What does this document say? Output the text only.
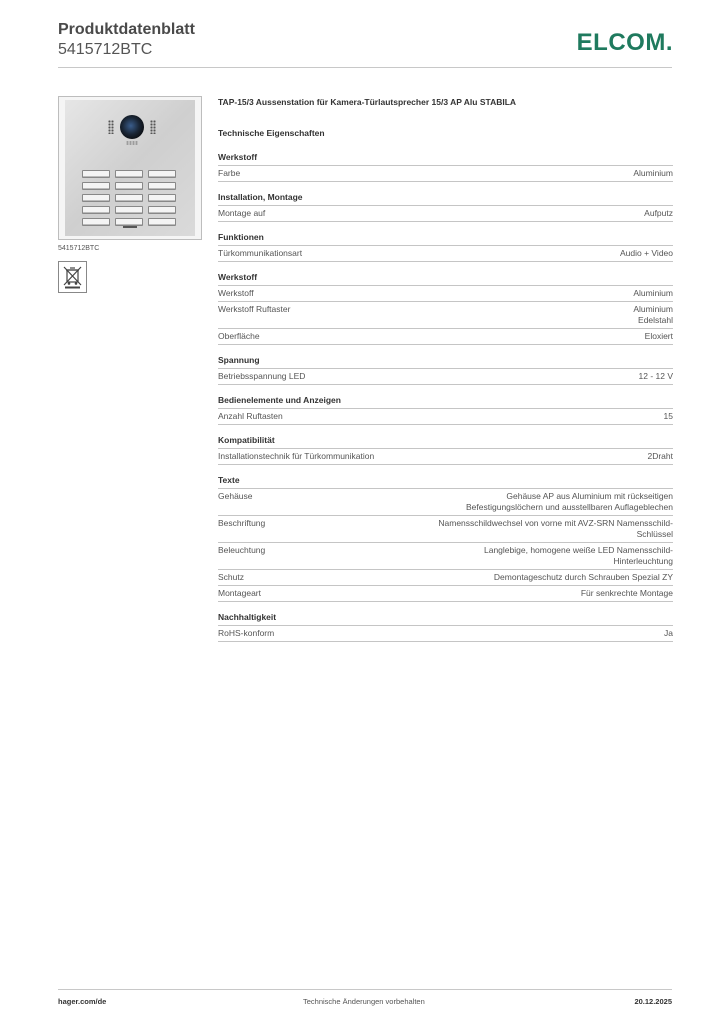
Produktdatenblatt
5415712BTC	ELCOM.
5415712BTC
TAP-15/3 Aussenstation für Kamera-Türlautsprecher 15/3 AP Alu STABILA
Technische Eigenschaften
Werkstoff
Farbe	Aluminium
Installation, Montage
Montage auf	Aufputz
Funktionen
Türkommunikationsart	Audio + Video
Werkstoff
Werkstoff	Aluminium
Werkstoff Ruftaster	Aluminium
Edelstahl
Oberfläche	Eloxiert
Spannung
Betriebsspannung LED	12 - 12 V
Bedienelemente und Anzeigen
Anzahl Ruftasten	15
Kompatibilität
Installationstechnik für Türkommunikation	2Draht
Texte
Gehäuse	Gehäuse AP aus Aluminium mit rückseitigen
Befestigungslöchern und ausstellbaren Auflageblechen
Beschriftung	Namensschildwechsel von vorne mit AVZ-SRN Namensschild-
Schlüssel
Beleuchtung	Langlebige, homogene weiße LED Namensschild-
Hinterleuchtung
Schutz	Demontageschutz durch Schrauben Spezial ZY
Montageart	Für senkrechte Montage
Nachhaltigkeit
RoHS-konform	Ja
hager.com/de	Technische Änderungen vorbehalten	20.12.2025
